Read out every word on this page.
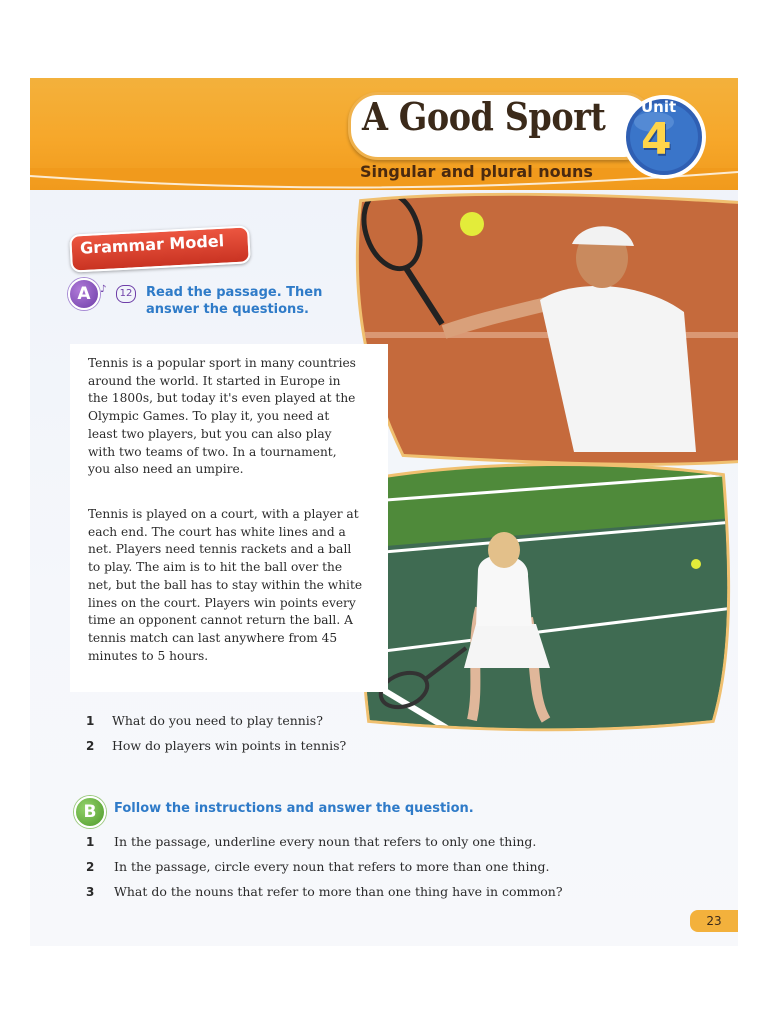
A Good Sport
Singular and plural nouns
Unit
4
Grammar Model
A ♪	12 Read the passage. Then answer the questions.

Tennis is a popular sport in many countries around the world. It started in Europe in the 1800s, but today it's even played at the Olympic Games. To play it, you need at least two players, but you can also play with two teams of two. In a tournament, you also need an umpire.

Tennis is played on a court, with a player at each end. The court has white lines and a net. Players need tennis rackets and a ball to play. The aim is to hit the ball over the net, but the ball has to stay within the white lines on the court. Players win points every time an opponent cannot return the ball. A tennis match can last anywhere from 45 minutes to 5 hours.

1 What do you need to play tennis?
2 How do players win points in tennis?
B	Follow the instructions and answer the question.
1 In the passage, underline every noun that refers to only one thing.
2 In the passage, circle every noun that refers to more than one thing.
3 What do the nouns that refer to more than one thing have in common?
23
